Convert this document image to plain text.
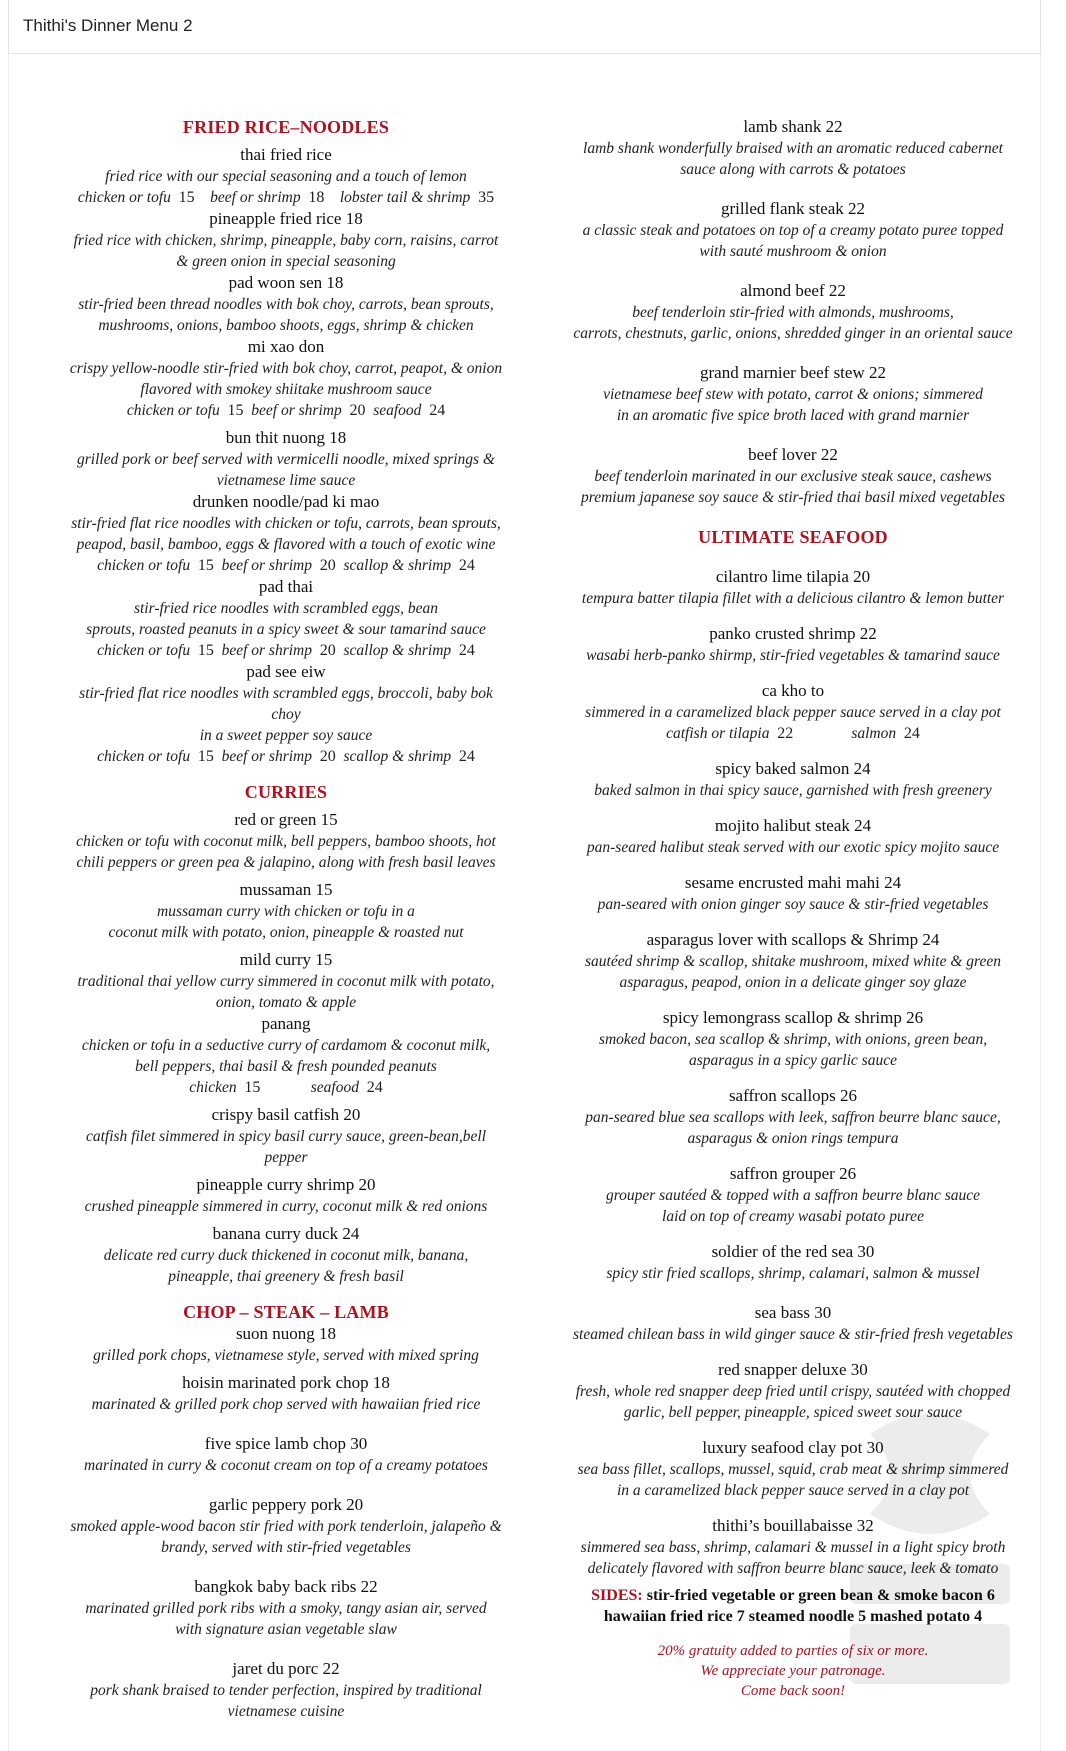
Thithi's Dinner Menu 2
FRIED RICE–NOODLES
thai fried rice
fried rice with our special seasoning and a touch of lemon
chicken or tofu 15 beef or shrimp 18 lobster tail & shrimp 35
pineapple fried rice 18
fried rice with chicken, shrimp, pineapple, baby corn, raisins, carrot
& green onion in special seasoning
pad woon sen 18
stir-fried been thread noodles with bok choy, carrots, bean sprouts,
mushrooms, onions, bamboo shoots, eggs, shrimp & chicken
mi xao don
crispy yellow-noodle stir-fried with bok choy, carrot, peapot, & onion
flavored with smokey shiitake mushroom sauce
chicken or tofu 15 beef or shrimp 20 seafood 24
bun thit nuong 18
grilled pork or beef served with vermicelli noodle, mixed springs &
vietnamese lime sauce
drunken noodle/pad ki mao
stir-fried flat rice noodles with chicken or tofu, carrots, bean sprouts,
peapod, basil, bamboo, eggs & flavored with a touch of exotic wine
chicken or tofu 15 beef or shrimp 20 scallop & shrimp 24
pad thai
stir-fried rice noodles with scrambled eggs, bean
sprouts, roasted peanuts in a spicy sweet & sour tamarind sauce
chicken or tofu 15 beef or shrimp 20 scallop & shrimp 24
pad see eiw
stir-fried flat rice noodles with scrambled eggs, broccoli, baby bok choy
in a sweet pepper soy sauce
chicken or tofu 15 beef or shrimp 20 scallop & shrimp 24
CURRIES
red or green 15
chicken or tofu with coconut milk, bell peppers, bamboo shoots, hot
chili peppers or green pea & jalapino, along with fresh basil leaves
mussaman 15
mussaman curry with chicken or tofu in a
coconut milk with potato, onion, pineapple & roasted nut
mild curry 15
traditional thai yellow curry simmered in coconut milk with potato,
onion, tomato & apple
panang
chicken or tofu in a seductive curry of cardamom & coconut milk,
bell peppers, thai basil & fresh pounded peanuts
chicken 15	seafood 24
crispy basil catfish 20
catfish filet simmered in spicy basil curry sauce, green-bean,bell pepper
pineapple curry shrimp 20
crushed pineapple simmered in curry, coconut milk & red onions
banana curry duck 24
delicate red curry duck thickened in coconut milk, banana,
pineapple, thai greenery & fresh basil
CHOP – STEAK – LAMB
suon nuong 18
grilled pork chops, vietnamese style, served with mixed spring
hoisin marinated pork chop 18
marinated & grilled pork chop served with hawaiian fried rice
five spice lamb chop 30
marinated in curry & coconut cream on top of a creamy potatoes
garlic peppery pork 20
smoked apple-wood bacon stir fried with pork tenderloin, jalapeño &
brandy, served with stir-fried vegetables
bangkok baby back ribs 22
marinated grilled pork ribs with a smoky, tangy asian air, served
with signature asian vegetable slaw
jaret du porc 22
pork shank braised to tender perfection, inspired by traditional
vietnamese cuisine
lamb shank 22
lamb shank wonderfully braised with an aromatic reduced cabernet
sauce along with carrots & potatoes
grilled flank steak 22
a classic steak and potatoes on top of a creamy potato puree topped
with sauté mushroom & onion
almond beef 22
beef tenderloin stir-fried with almonds, mushrooms,
carrots, chestnuts, garlic, onions, shredded ginger in an oriental sauce
grand marnier beef stew 22
vietnamese beef stew with potato, carrot & onions; simmered
in an aromatic five spice broth laced with grand marnier
beef lover 22
beef tenderloin marinated in our exclusive steak sauce, cashews
premium japanese soy sauce & stir-fried thai basil mixed vegetables
ULTIMATE SEAFOOD
cilantro lime tilapia 20
tempura batter tilapia fillet with a delicious cilantro & lemon butter
panko crusted shrimp 22
wasabi herb-panko shirmp, stir-fried vegetables & tamarind sauce
ca kho to
simmered in a caramelized black pepper sauce served in a clay pot
catfish or tilapia 22	salmon 24
spicy baked salmon 24
baked salmon in thai spicy sauce, garnished with fresh greenery
mojito halibut steak 24
pan-seared halibut steak served with our exotic spicy mojito sauce
sesame encrusted mahi mahi 24
pan-seared with onion ginger soy sauce & stir-fried vegetables
asparagus lover with scallops & Shrimp 24
sautéed shrimp & scallop, shitake mushroom, mixed white & green
asparagus, peapod, onion in a delicate ginger soy glaze
spicy lemongrass scallop & shrimp 26
smoked bacon, sea scallop & shrimp, with onions, green bean,
asparagus in a spicy garlic sauce
saffron scallops 26
pan-seared blue sea scallops with leek, saffron beurre blanc sauce,
asparagus & onion rings tempura
saffron grouper 26
grouper sautéed & topped with a saffron beurre blanc sauce
laid on top of creamy wasabi potato puree
soldier of the red sea 30
spicy stir fried scallops, shrimp, calamari, salmon & mussel
sea bass 30
steamed chilean bass in wild ginger sauce & stir-fried fresh vegetables
red snapper deluxe 30
fresh, whole red snapper deep fried until crispy, sautéed with chopped
garlic, bell pepper, pineapple, spiced sweet sour sauce
luxury seafood clay pot 30
sea bass fillet, scallops, mussel, squid, crab meat & shrimp simmered
in a caramelized black pepper sauce served in a clay pot
thithi’s bouillabaisse 32
simmered sea bass, shrimp, calamari & mussel in a light spicy broth
delicately flavored with saffron beurre blanc sauce, leek & tomato
SIDES: stir-fried vegetable or green bean & smoke bacon 6
hawaiian fried rice 7 steamed noodle 5 mashed potato 4
20% gratuity added to parties of six or more.
We appreciate your patronage.
Come back soon!
